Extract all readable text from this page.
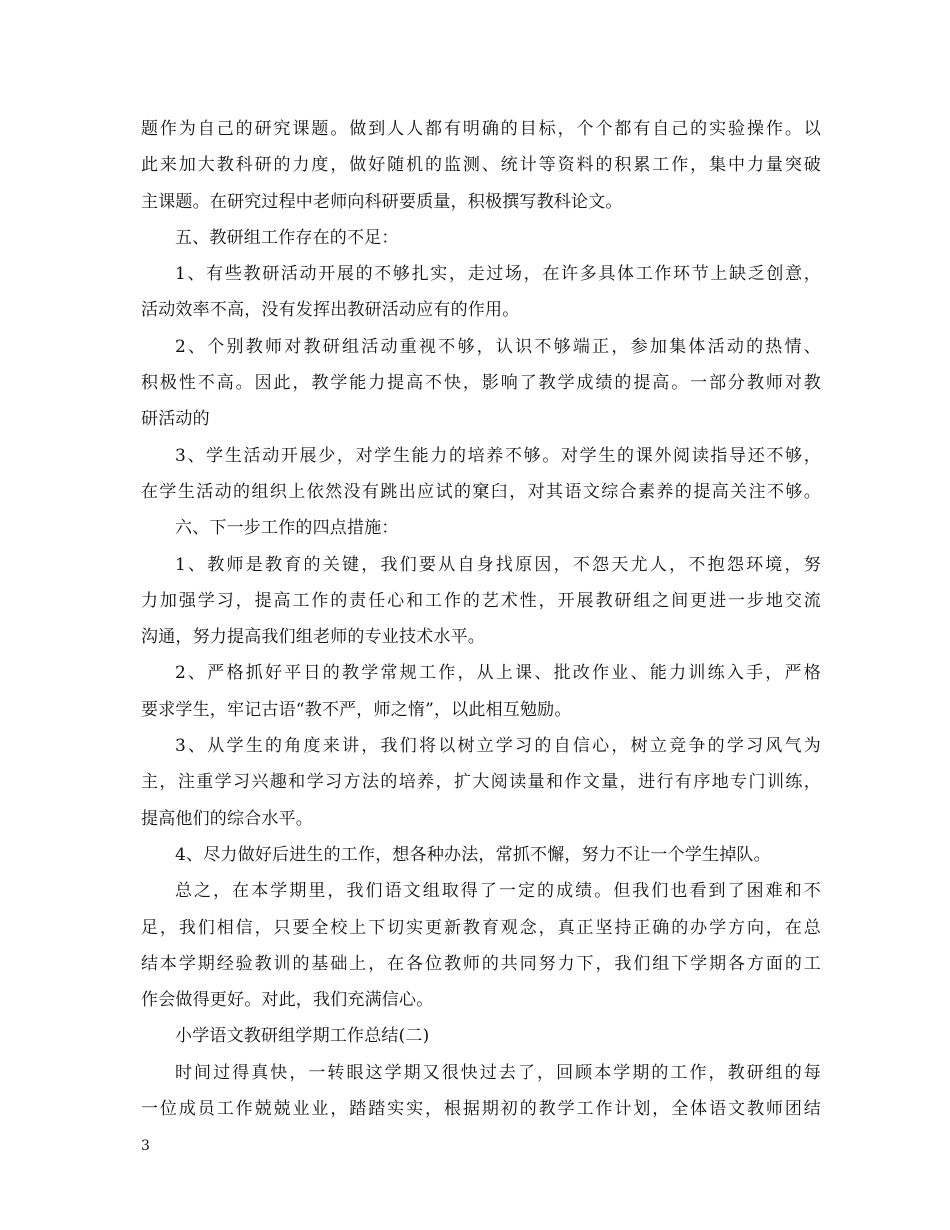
题作为自己的研究课题。做到人人都有明确的目标，个个都有自己的实验操作。以
此来加大教科研的力度，做好随机的监测、统计等资料的积累工作，集中力量突破
主课题。在研究过程中老师向科研要质量，积极撰写教科论文。
五、教研组工作存在的不足：
1、有些教研活动开展的不够扎实，走过场，在许多具体工作环节上缺乏创意，
活动效率不高，没有发挥出教研活动应有的作用。
2、个别教师对教研组活动重视不够，认识不够端正，参加集体活动的热情、
积极性不高。因此，教学能力提高不快，影响了教学成绩的提高。一部分教师对教
研活动的
3、学生活动开展少，对学生能力的培养不够。对学生的课外阅读指导还不够，
在学生活动的组织上依然没有跳出应试的窠臼，对其语文综合素养的提高关注不够。
六、下一步工作的四点措施：
1、教师是教育的关键，我们要从自身找原因，不怨天尤人，不抱怨环境，努
力加强学习，提高工作的责任心和工作的艺术性，开展教研组之间更进一步地交流
沟通，努力提高我们组老师的专业技术水平。
2、严格抓好平日的教学常规工作，从上课、批改作业、能力训练入手，严格
要求学生，牢记古语“教不严，师之惰”，以此相互勉励。
3、从学生的角度来讲，我们将以树立学习的自信心，树立竞争的学习风气为
主，注重学习兴趣和学习方法的培养，扩大阅读量和作文量，进行有序地专门训练，
提高他们的综合水平。
4、尽力做好后进生的工作，想各种办法，常抓不懈，努力不让一个学生掉队。
总之，在本学期里，我们语文组取得了一定的成绩。但我们也看到了困难和不
足，我们相信，只要全校上下切实更新教育观念，真正坚持正确的办学方向，在总
结本学期经验教训的基础上，在各位教师的共同努力下，我们组下学期各方面的工
作会做得更好。对此，我们充满信心。
小学语文教研组学期工作总结(二)
时间过得真快，一转眼这学期又很快过去了，回顾本学期的工作，教研组的每
一位成员工作兢兢业业，踏踏实实，根据期初的教学工作计划，全体语文教师团结
3
